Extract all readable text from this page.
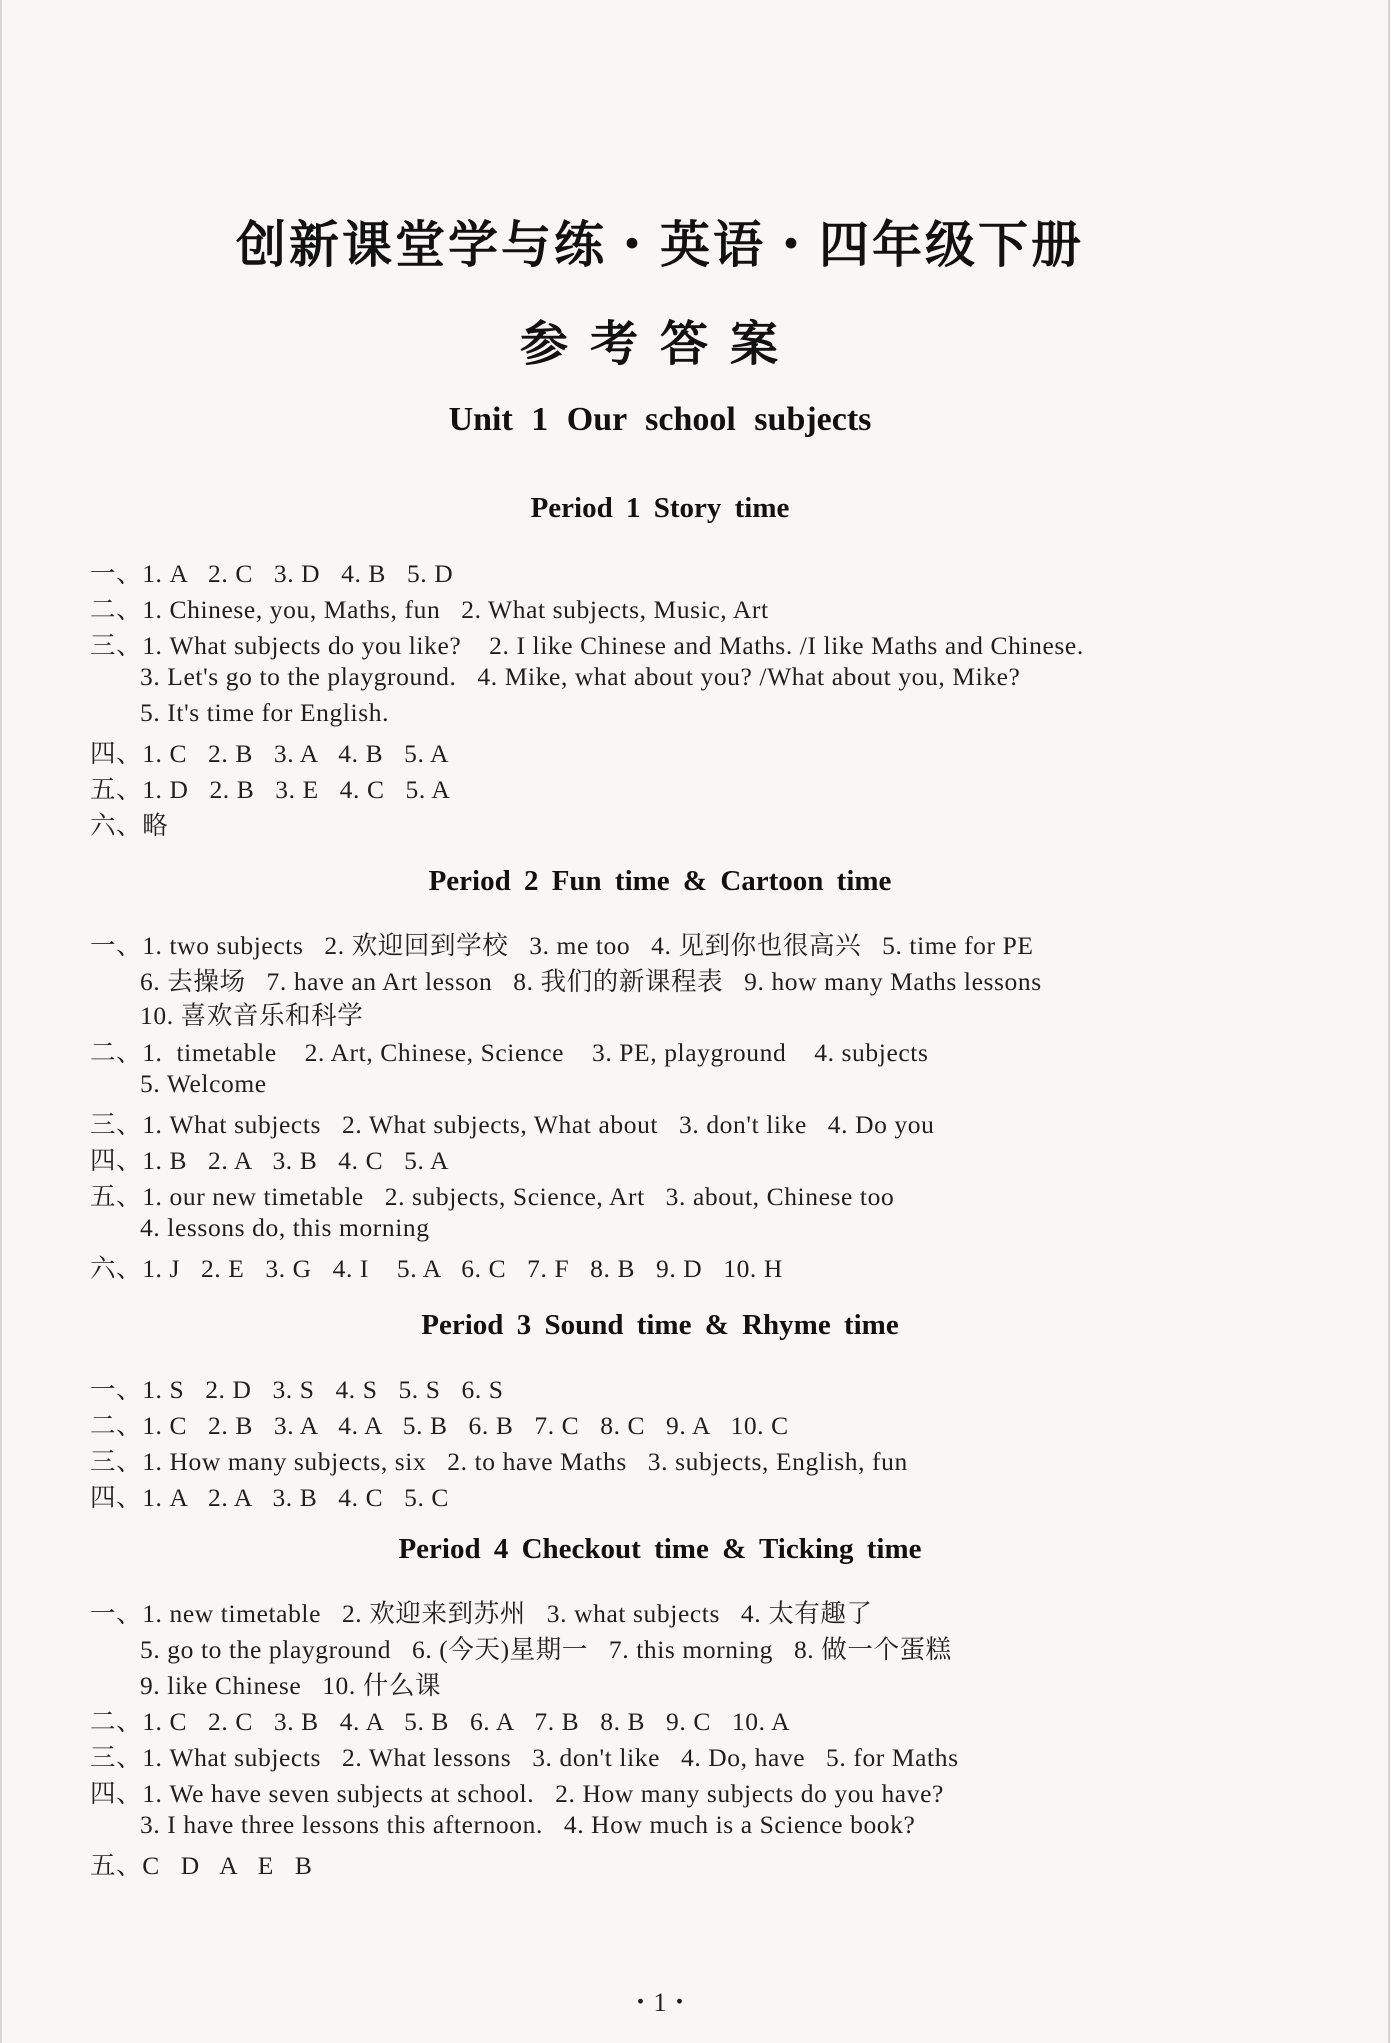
创新课堂学与练・英语・四年级下册
参考答案
Unit 1 Our school subjects
Period 1 Story time
一、1. A   2. C   3. D   4. B   5. D
二、1. Chinese, you, Maths, fun   2. What subjects, Music, Art
三、1. What subjects do you like?    2. I like Chinese and Maths. /I like Maths and Chinese.
3. Let's go to the playground.   4. Mike, what about you? /What about you, Mike?
5. It's time for English.
四、1. C   2. B   3. A   4. B   5. A
五、1. D   2. B   3. E   4. C   5. A
六、略
Period 2 Fun time & Cartoon time
一、1. two subjects   2. 欢迎回到学校   3. me too   4. 见到你也很高兴   5. time for PE
6. 去操场   7. have an Art lesson   8. 我们的新课程表   9. how many Maths lessons
10. 喜欢音乐和科学
二、1.  timetable    2. Art, Chinese, Science    3. PE, playground    4. subjects
5. Welcome
三、1. What subjects   2. What subjects, What about   3. don't like   4. Do you
四、1. B   2. A   3. B   4. C   5. A
五、1. our new timetable   2. subjects, Science, Art   3. about, Chinese too
4. lessons do, this morning
六、1. J   2. E   3. G   4. I    5. A   6. C   7. F   8. B   9. D   10. H
Period 3 Sound time & Rhyme time
一、1. S   2. D   3. S   4. S   5. S   6. S
二、1. C   2. B   3. A   4. A   5. B   6. B   7. C   8. C   9. A   10. C
三、1. How many subjects, six   2. to have Maths   3. subjects, English, fun
四、1. A   2. A   3. B   4. C   5. C
Period 4 Checkout time & Ticking time
一、1. new timetable   2. 欢迎来到苏州   3. what subjects   4. 太有趣了
5. go to the playground   6. (今天)星期一   7. this morning   8. 做一个蛋糕
9. like Chinese   10. 什么课
二、1. C   2. C   3. B   4. A   5. B   6. A   7. B   8. B   9. C   10. A
三、1. What subjects   2. What lessons   3. don't like   4. Do, have   5. for Maths
四、1. We have seven subjects at school.   2. How many subjects do you have?
3. I have three lessons this afternoon.   4. How much is a Science book?
五、C   D   A   E   B
・1・
